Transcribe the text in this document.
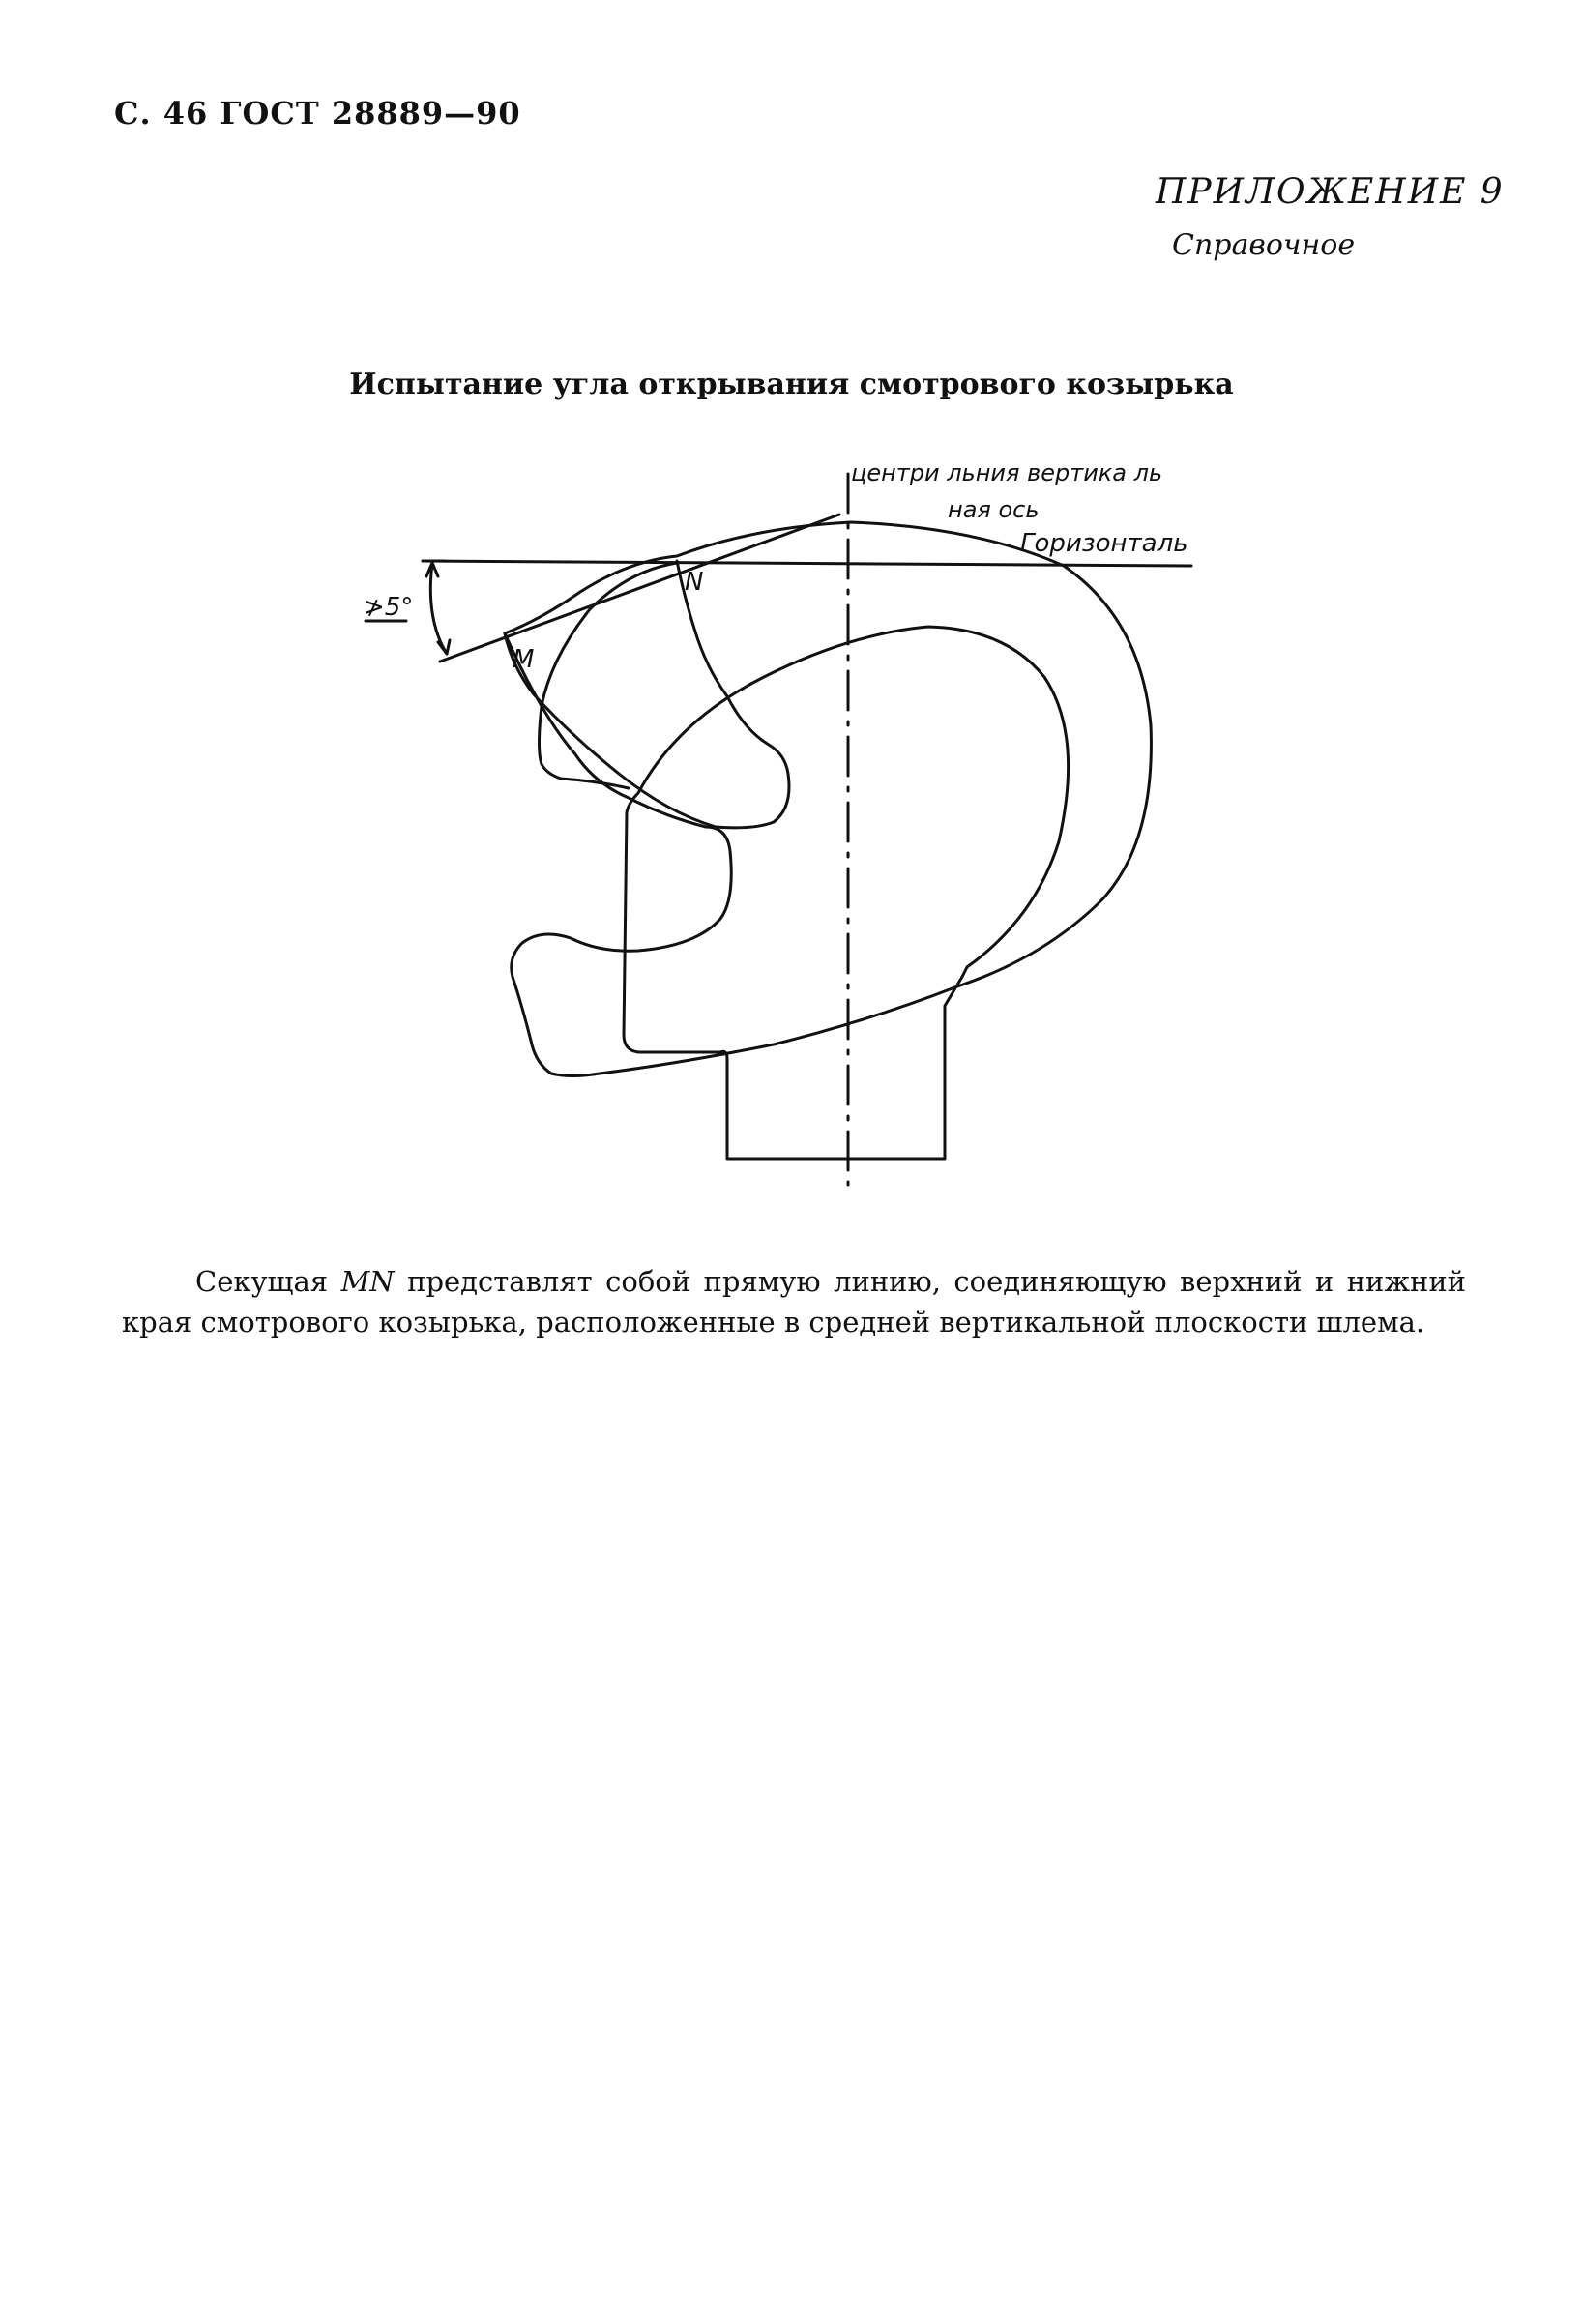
С. 46 ГОСТ 28889—90
ПРИЛОЖЕНИЕ 9
Справочное
Испытание угла открывания смотрового козырька
центри льния вертика ль
ная ось
Горизонталь
≯5°
M
N

Секущая MN представлят собой прямую линию, соединяющую верхний и нижний края смотрового козырька, расположенные в средней вертикальной плоскости шлема.
